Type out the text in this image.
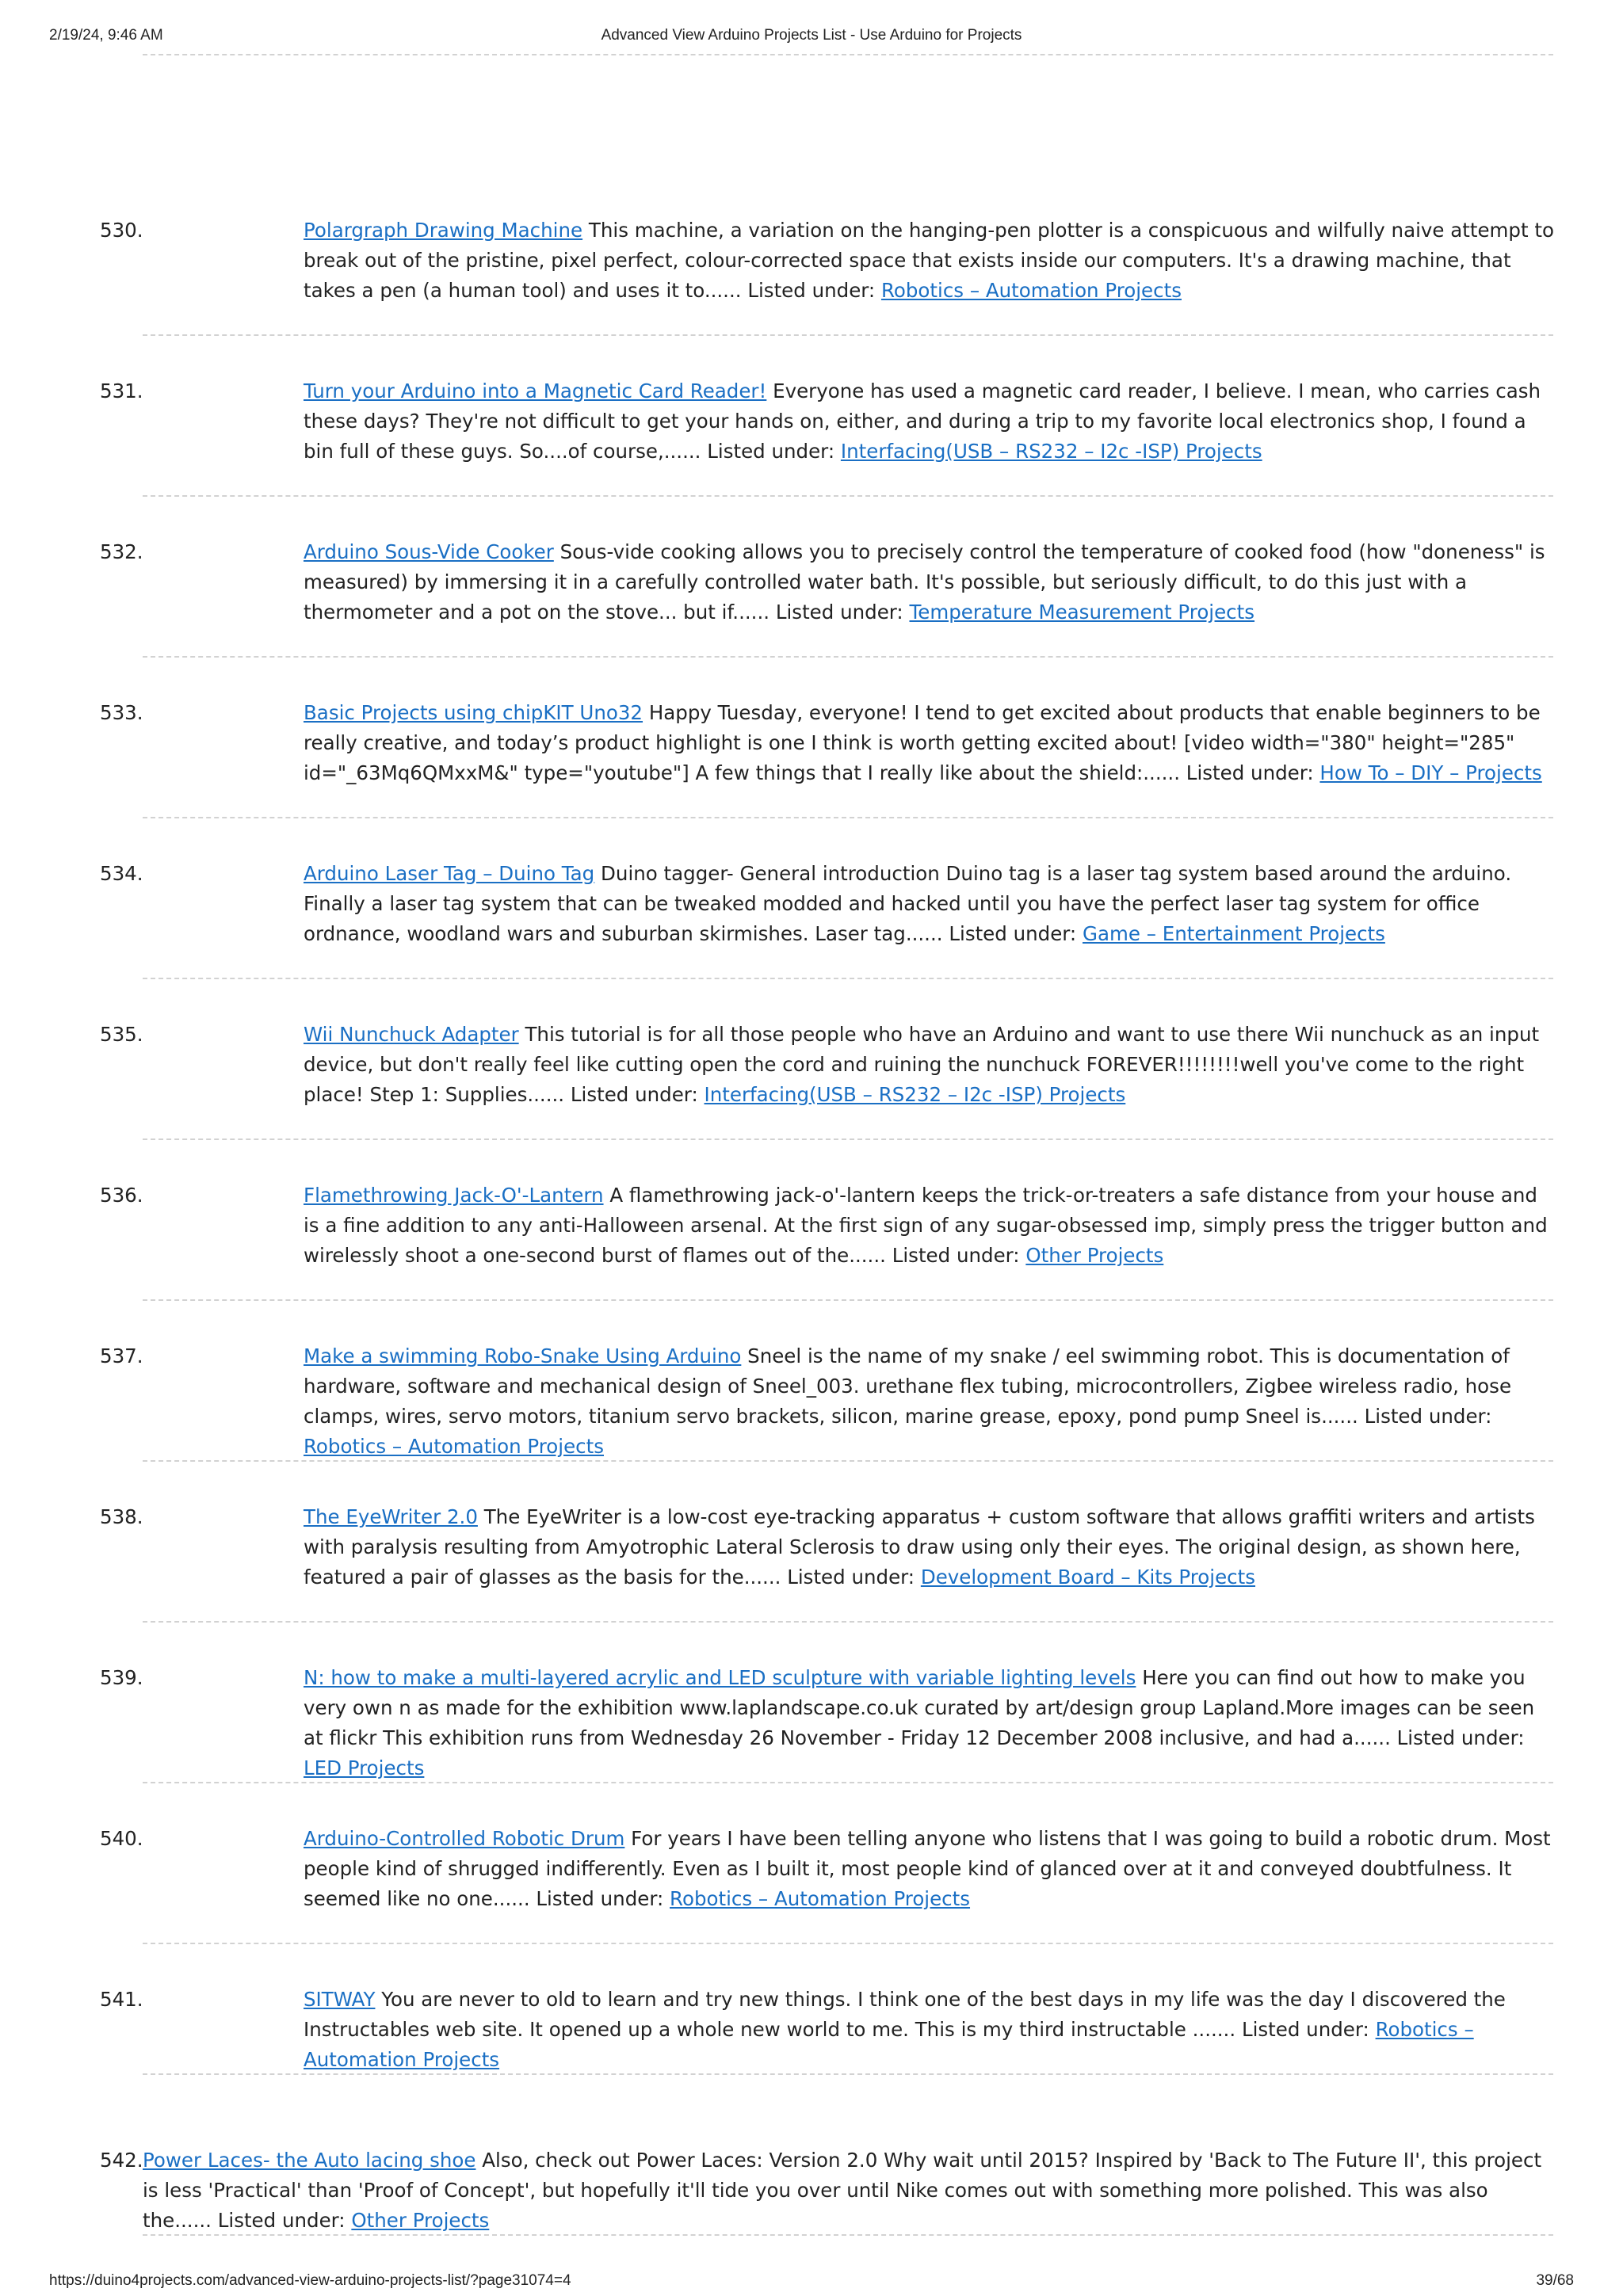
2/19/24, 9:46 AM	Advanced View Arduino Projects List - Use Arduino for Projects
530.	Polargraph Drawing Machine This machine, a variation on the hanging-pen plotter is a conspicuous and wilfully naive attempt to break out of the pristine, pixel perfect, colour-corrected space that exists inside our computers. It's a drawing machine, that takes a pen (a human tool) and uses it to...... Listed under: Robotics – Automation Projects
531.	Turn your Arduino into a Magnetic Card Reader! Everyone has used a magnetic card reader, I believe. I mean, who carries cash these days? They're not difficult to get your hands on, either, and during a trip to my favorite local electronics shop, I found a bin full of these guys. So....of course,...... Listed under: Interfacing(USB – RS232 – I2c -ISP) Projects
532.	Arduino Sous-Vide Cooker Sous-vide cooking allows you to precisely control the temperature of cooked food (how "doneness" is measured) by immersing it in a carefully controlled water bath. It's possible, but seriously difficult, to do this just with a thermometer and a pot on the stove... but if...... Listed under: Temperature Measurement Projects
533.	Basic Projects using chipKIT Uno32 Happy Tuesday, everyone! I tend to get excited about products that enable beginners to be really creative, and today’s product highlight is one I think is worth getting excited about! [video width="380" height="285" id="_63Mq6QMxxM&" type="youtube"] A few things that I really like about the shield:...... Listed under: How To – DIY – Projects
534.	Arduino Laser Tag – Duino Tag Duino tagger- General introduction Duino tag is a laser tag system based around the arduino. Finally a laser tag system that can be tweaked modded and hacked until you have the perfect laser tag system for office ordnance, woodland wars and suburban skirmishes. Laser tag...... Listed under: Game – Entertainment Projects
535.	Wii Nunchuck Adapter This tutorial is for all those people who have an Arduino and want to use there Wii nunchuck as an input device, but don't really feel like cutting open the cord and ruining the nunchuck FOREVER!!!!!!!!well you've come to the right place! Step 1: Supplies...... Listed under: Interfacing(USB – RS232 – I2c -ISP) Projects
536.	Flamethrowing Jack-O'-Lantern A flamethrowing jack-o'-lantern keeps the trick-or-treaters a safe distance from your house and is a fine addition to any anti-Halloween arsenal. At the first sign of any sugar-obsessed imp, simply press the trigger button and wirelessly shoot a one-second burst of flames out of the...... Listed under: Other Projects
537.	Make a swimming Robo-Snake Using Arduino Sneel is the name of my snake / eel swimming robot. This is documentation of hardware, software and mechanical design of Sneel_003. urethane flex tubing, microcontrollers, Zigbee wireless radio, hose clamps, wires, servo motors, titanium servo brackets, silicon, marine grease, epoxy, pond pump Sneel is...... Listed under: Robotics – Automation Projects
538.	The EyeWriter 2.0 The EyeWriter is a low-cost eye-tracking apparatus + custom software that allows graffiti writers and artists with paralysis resulting from Amyotrophic Lateral Sclerosis to draw using only their eyes. The original design, as shown here, featured a pair of glasses as the basis for the...... Listed under: Development Board – Kits Projects
539.	N: how to make a multi-layered acrylic and LED sculpture with variable lighting levels Here you can find out how to make you very own n as made for the exhibition www.laplandscape.co.uk curated by art/design group Lapland.More images can be seen at flickr This exhibition runs from Wednesday 26 November - Friday 12 December 2008 inclusive, and had a...... Listed under: LED Projects
540.	Arduino-Controlled Robotic Drum For years I have been telling anyone who listens that I was going to build a robotic drum. Most people kind of shrugged indifferently. Even as I built it, most people kind of glanced over at it and conveyed doubtfulness. It seemed like no one...... Listed under: Robotics – Automation Projects
541.	SITWAY You are never to old to learn and try new things. I think one of the best days in my life was the day I discovered the Instructables web site. It opened up a whole new world to me. This is my third instructable ....... Listed under: Robotics – Automation Projects
542. Power Laces- the Auto lacing shoe Also, check out Power Laces: Version 2.0 Why wait until 2015? Inspired by 'Back to The Future II', this project is less 'Practical' than 'Proof of Concept', but hopefully it'll tide you over until Nike comes out with something more polished. This was also the...... Listed under: Other Projects
https://duino4projects.com/advanced-view-arduino-projects-list/?page31074=4	39/68
